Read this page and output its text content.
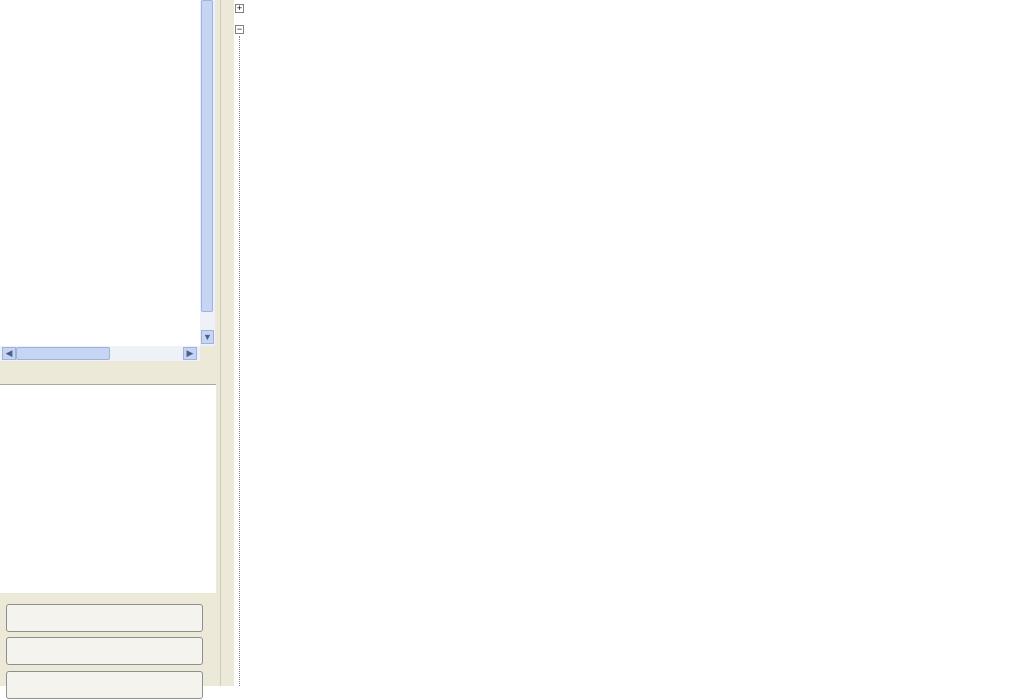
▼
◀	▶
+
−
